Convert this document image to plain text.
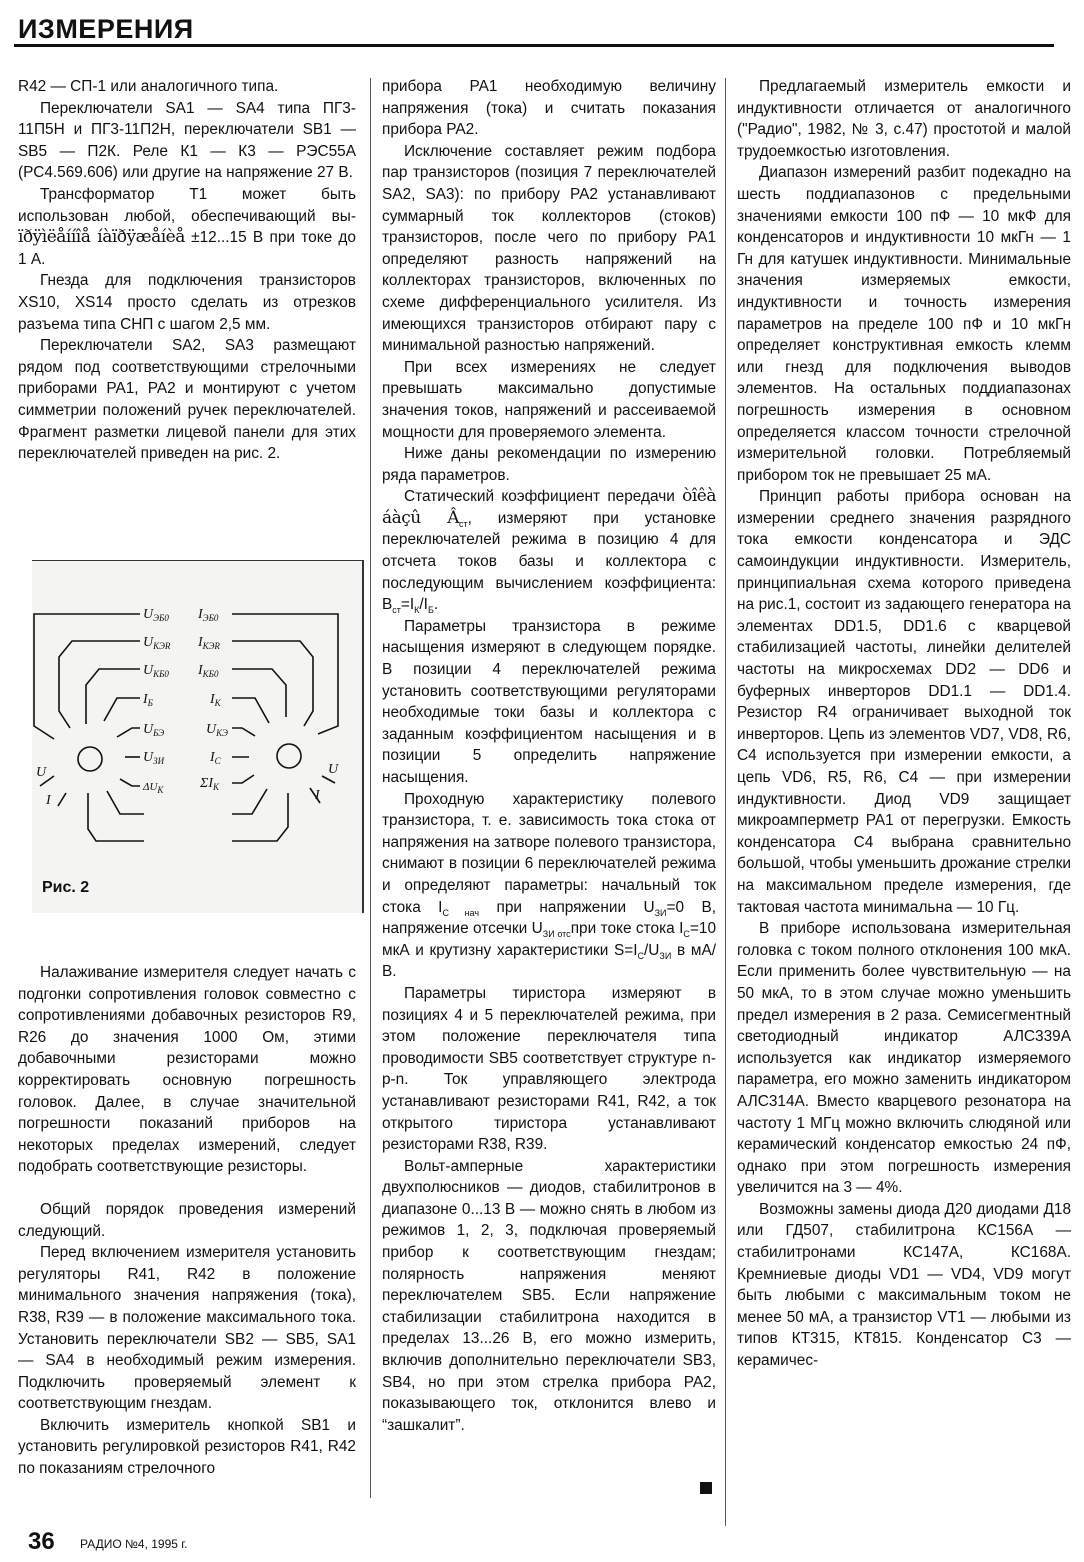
ИЗМЕРЕНИЯ

R42 — СП-1 или аналогичного типа.

Переключатели SA1 — SA4 типа ПГ3-11П5Н и ПГ3-11П2Н, переключатели SB1 — SB5 — П2К. Реле К1 — К3 — РЭС55А (РС4.569.606) или другие на напряжение 27 В.

Трансформатор Т1 может быть использован любой, обеспечивающий вы- ïðÿìëåííîå íàïðÿæåíèå ±12...15 В при токе до 1 А.

Гнезда для подключения транзисторов XS10, XS14 просто сделать из отрезков разъема типа СНП с шагом 2,5 мм.

Переключатели SA2, SA3 размещают рядом под соответствующими стрелочными приборами PA1, PA2 и монтируют с учетом симметрии положений ручек переключателей. Фрагмент разметки лицевой панели для этих переключателей приведен на рис. 2.

$U_{ЭБ0}$
$U_{КЭR}$
$U_{КБ0}$
$I_Б$
$U_{БЭ}$
$U_{ЗИ}$
$\Delta U_К$
U
I
$I_{ЭБ0}$
$I_{КЭR}$
$I_{КБ0}$
$I_К$
$U_{КЭ}$
$I_С$
$\Sigma I_К$
U
I
Рис. 2

Налаживание измерителя следует начать с подгонки сопротивления головок совместно с сопротивлениями добавочных резисторов R9, R26 до значения 1000 Ом, этими добавочными резисторами можно корректировать основную погрешность головок. Далее, в случае значительной погрешности показаний приборов на некоторых пределах измерений, следует подобрать соответствующие резисторы.

Общий порядок проведения измерений следующий.

Перед включением измерителя установить регуляторы R41, R42 в положение минимального значения напряжения (тока), R38, R39 — в положение максимального тока. Установить переключатели SB2 — SB5, SA1 — SA4 в необходимый режим измерения. Подключить проверяемый элемент к соответствующим гнездам.

Включить измеритель кнопкой SB1 и установить регулировкой резисторов R41, R42 по показаниям стрелочного

прибора PA1 необходимую величину напряжения (тока) и считать показания прибора PA2.

Исключение составляет режим подбора пар транзисторов (позиция 7 переключателей SA2, SA3): по прибору PA2 устанавливают суммарный ток коллекторов (стоков) транзисторов, после чего по прибору PA1 определяют разность напряжений на коллекторах транзисторов, включенных по схеме дифференциального усилителя. Из имеющихся транзисторов отбирают пару с минимальной разностью напряжений.

При всех измерениях не следует превышать максимально допустимые значения токов, напряжений и рассеиваемой мощности для проверяемого элемента.

Ниже даны рекомендации по измерению ряда параметров.

Статический коэффициент передачи òîêà áàçû $Â_{ст}$, измеряют при установке переключателей режима в позицию 4 для отсчета токов базы и коллектора с последующим вычислением коэффициента: $B_{ст}=I_К/I_Б$.

Параметры транзистора в режиме насыщения измеряют в следующем порядке. В позиции 4 переключателей режима установить соответствующими регуляторами необходимые токи базы и коллектора с заданным коэффициентом насыщения и в позиции 5 определить напряжение насыщения.

Проходную характеристику полевого транзистора, т. е. зависимость тока стока от напряжения на затворе полевого транзистора, снимают в позиции 6 переключателей режима и определяют параметры: начальный ток стока $I_{С нач}$ при напряжении $U_{ЗИ}=0$ В, напряжение отсечки $U_{ЗИ отс}при$ токе стока $I_С=10$ мкА и крутизну характеристики $S=I_С/U_{ЗИ}$ в мА/В.

Параметры тиристора измеряют в позициях 4 и 5 переключателей режима, при этом положение переключателя типа проводимости SB5 соответствует структуре n-p-n. Ток управляющего электрода устанавливают резисторами R41, R42, а ток открытого тиристора устанавливают резисторами R38, R39.

Вольт-амперные характеристики двухполюсников — диодов, стабилитронов в диапазоне 0...13 В — можно снять в любом из режимов 1, 2, 3, подключая проверяемый прибор к соответствующим гнездам; полярность напряжения меняют переключателем SB5. Если напряжение стабилизации стабилитрона находится в пределах 13...26 В, его можно измерить, включив дополнительно переключатели SB3, SB4, но при этом стрелка прибора PA2, показывающего ток, отклонится влево и “зашкалит”.

Предлагаемый измеритель емкости и индуктивности отличается от аналогичного ("Радио", 1982, № 3, с.47) простотой и малой трудоемкостью изготовления.

Диапазон измерений разбит подекадно на шесть поддиапазонов с предельными значениями емкости 100 пФ — 10 мкФ для конденсаторов и индуктивности 10 мкГн — 1 Гн для катушек индуктивности. Минимальные значения измеряемых емкости, индуктивности и точность измерения параметров на пределе 100 пФ и 10 мкГн определяет конструктивная емкость клемм или гнезд для подключения выводов элементов. На остальных поддиапазонах погрешность измерения в основном определяется классом точности стрелочной измерительной головки. Потребляемый прибором ток не превышает 25 мА.

Принцип работы прибора основан на измерении среднего значения разрядного тока емкости конденсатора и ЭДС самоиндукции индуктивности. Измеритель, принципиальная схема которого приведена на рис.1, состоит из задающего генератора на элементах DD1.5, DD1.6 с кварцевой стабилизацией частоты, линейки делителей частоты на микросхемах DD2 — DD6 и буферных инверторов DD1.1 — DD1.4. Резистор R4 ограничивает выходной ток инверторов. Цепь из элементов VD7, VD8, R6, C4 используется при измерении емкости, а цепь VD6, R5, R6, C4 — при измерении индуктивности. Диод VD9 защищает микроамперметр PA1 от перегрузки. Емкость конденсатора C4 выбрана сравнительно большой, чтобы уменьшить дрожание стрелки на максимальном пределе измерения, где тактовая частота минимальна — 10 Гц.

В приборе использована измерительная головка с током полного отклонения 100 мкА. Если применить более чувствительную — на 50 мкА, то в этом случае можно уменьшить предел измерения в 2 раза. Семисегментный светодиодный индикатор АЛС339А используется как индикатор измеряемого параметра, его можно заменить индикатором АЛС314А. Вместо кварцевого резонатора на частоту 1 МГц можно включить слюдяной или керамический конденсатор емкостью 24 пФ, однако при этом погрешность измерения увеличится на 3 — 4%.

Возможны замены диода Д20 диодами Д18 или ГД507, стабилитрона КС156А — стабилитронами КС147А, КС168А. Кремниевые диоды VD1 — VD4, VD9 могут быть любыми с максимальным током не менее 50 мА, а транзистор VT1 — любыми из типов КТ315, КТ815. Конденсатор С3 — керамичес-

36 РАДИО №4, 1995 г.
